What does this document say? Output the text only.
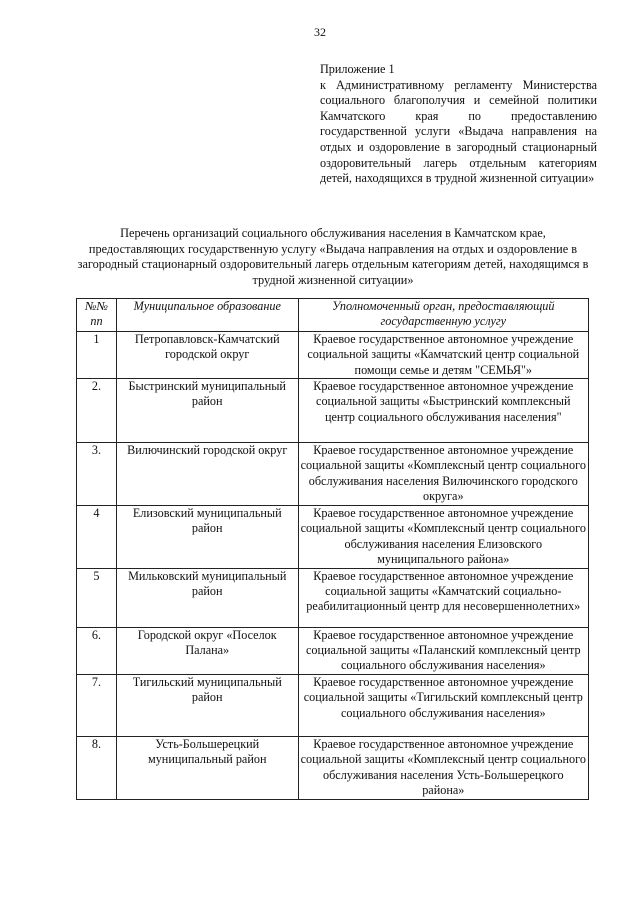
32
Приложение 1
к Административному регламенту Министерства социального благополучия и семейной политики Камчатского края по предоставлению государственной услуги «Выдача направления на отдых и оздоровление в загородный стационарный оздоровительный лагерь отдельным категориям детей, находящихся в трудной жизненной ситуации»
Перечень организаций социального обслуживания населения в Камчатском крае, предоставляющих государственную услугу «Выдача направления на отдых и оздоровление в загородный стационарный оздоровительный лагерь отдельным категориям детей, находящимся в трудной жизненной ситуации»
№№ пп	Муниципальное образование	Уполномоченный орган, предоставляющий государственную услугу
1	Петропавловск-Камчатский городской округ	Краевое государственное автономное учреждение социальной защиты «Камчатский центр социальной помощи семье и детям "СЕМЬЯ"»
2.	Быстринский муниципальный район	Краевое государственное автономное учреждение социальной защиты «Быстринский комплексный центр социального обслуживания населения"
3.	Вилючинский городской округ	Краевое государственное автономное учреждение социальной защиты «Комплексный центр социального обслуживания населения Вилючинского городского округа»
4	Елизовский муниципальный район	Краевое государственное автономное учреждение социальной защиты «Комплексный центр социального обслуживания населения Елизовского муниципального района»
5	Мильковский муниципальный район	Краевое государственное автономное учреждение социальной защиты «Камчатский социально-реабилитационный центр для несовершеннолетних»
6.	Городской округ «Поселок Палана»	Краевое государственное автономное учреждение социальной защиты «Паланский комплексный центр социального обслуживания населения»
7.	Тигильский муниципальный район	Краевое государственное автономное учреждение социальной защиты «Тигильский комплексный центр социального обслуживания населения»
8.	Усть-Большерецкий муниципальный район	Краевое государственное автономное учреждение социальной защиты «Комплексный центр социального обслуживания населения Усть-Большерецкого района»
